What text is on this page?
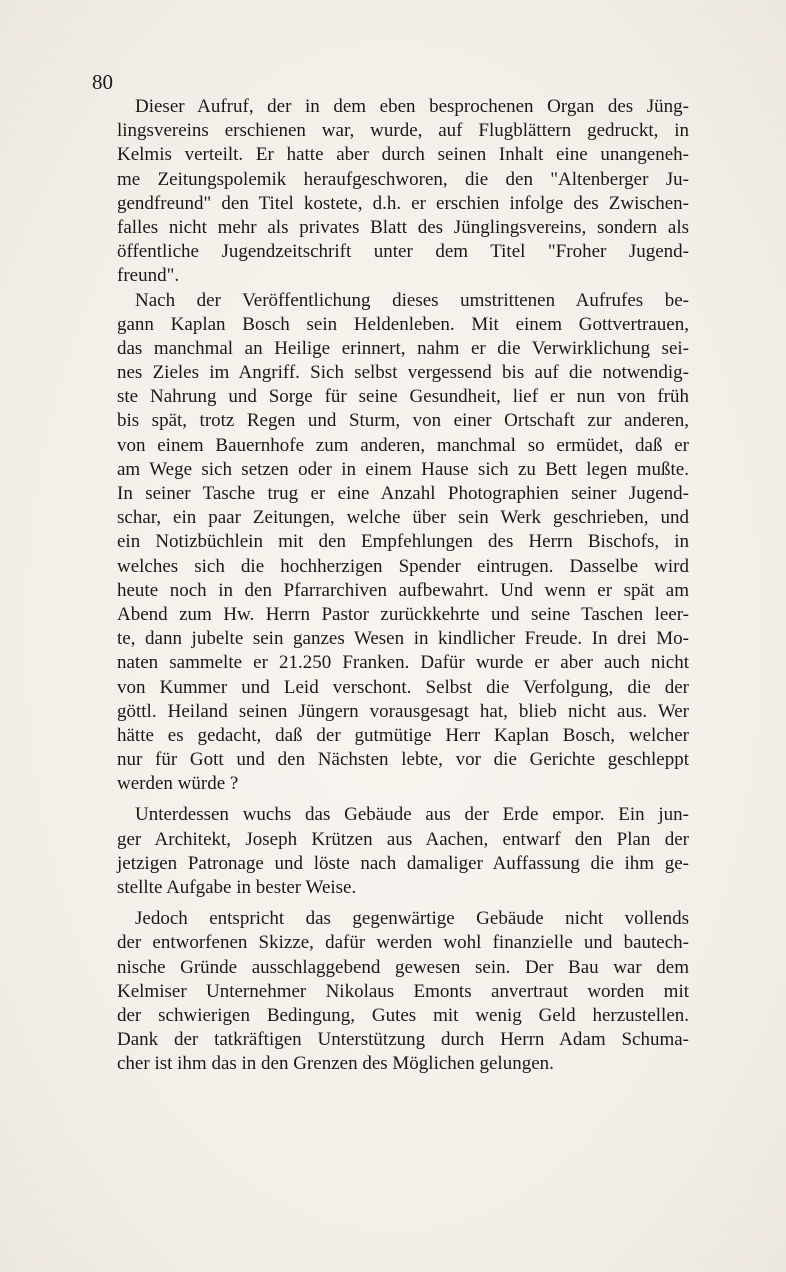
80
Dieser Aufruf, der in dem eben besprochenen Organ des Jüng-
lingsvereins erschienen war, wurde, auf Flugblättern gedruckt, in
Kelmis verteilt. Er hatte aber durch seinen Inhalt eine unangeneh-
me Zeitungspolemik heraufgeschworen, die den "Altenberger Ju-
gendfreund" den Titel kostete, d.h. er erschien infolge des Zwischen-
falles nicht mehr als privates Blatt des Jünglingsvereins, sondern als
öffentliche Jugendzeitschrift unter dem Titel "Froher Jugend-
freund".
Nach der Veröffentlichung dieses umstrittenen Aufrufes be-
gann Kaplan Bosch sein Heldenleben. Mit einem Gottvertrauen,
das manchmal an Heilige erinnert, nahm er die Verwirklichung sei-
nes Zieles im Angriff. Sich selbst vergessend bis auf die notwendig-
ste Nahrung und Sorge für seine Gesundheit, lief er nun von früh
bis spät, trotz Regen und Sturm, von einer Ortschaft zur anderen,
von einem Bauernhofe zum anderen, manchmal so ermüdet, daß er
am Wege sich setzen oder in einem Hause sich zu Bett legen mußte.
In seiner Tasche trug er eine Anzahl Photographien seiner Jugend-
schar, ein paar Zeitungen, welche über sein Werk geschrieben, und
ein Notizbüchlein mit den Empfehlungen des Herrn Bischofs, in
welches sich die hochherzigen Spender eintrugen. Dasselbe wird
heute noch in den Pfarrarchiven aufbewahrt. Und wenn er spät am
Abend zum Hw. Herrn Pastor zurückkehrte und seine Taschen leer-
te, dann jubelte sein ganzes Wesen in kindlicher Freude. In drei Mo-
naten sammelte er 21.250 Franken. Dafür wurde er aber auch nicht
von Kummer und Leid verschont. Selbst die Verfolgung, die der
göttl. Heiland seinen Jüngern vorausgesagt hat, blieb nicht aus. Wer
hätte es gedacht, daß der gutmütige Herr Kaplan Bosch, welcher
nur für Gott und den Nächsten lebte, vor die Gerichte geschleppt
werden würde ?
Unterdessen wuchs das Gebäude aus der Erde empor. Ein jun-
ger Architekt, Joseph Krützen aus Aachen, entwarf den Plan der
jetzigen Patronage und löste nach damaliger Auffassung die ihm ge-
stellte Aufgabe in bester Weise.
Jedoch entspricht das gegenwärtige Gebäude nicht vollends
der entworfenen Skizze, dafür werden wohl finanzielle und bautech-
nische Gründe ausschlaggebend gewesen sein. Der Bau war dem
Kelmiser Unternehmer Nikolaus Emonts anvertraut worden mit
der schwierigen Bedingung, Gutes mit wenig Geld herzustellen.
Dank der tatkräftigen Unterstützung durch Herrn Adam Schuma-
cher ist ihm das in den Grenzen des Möglichen gelungen.
